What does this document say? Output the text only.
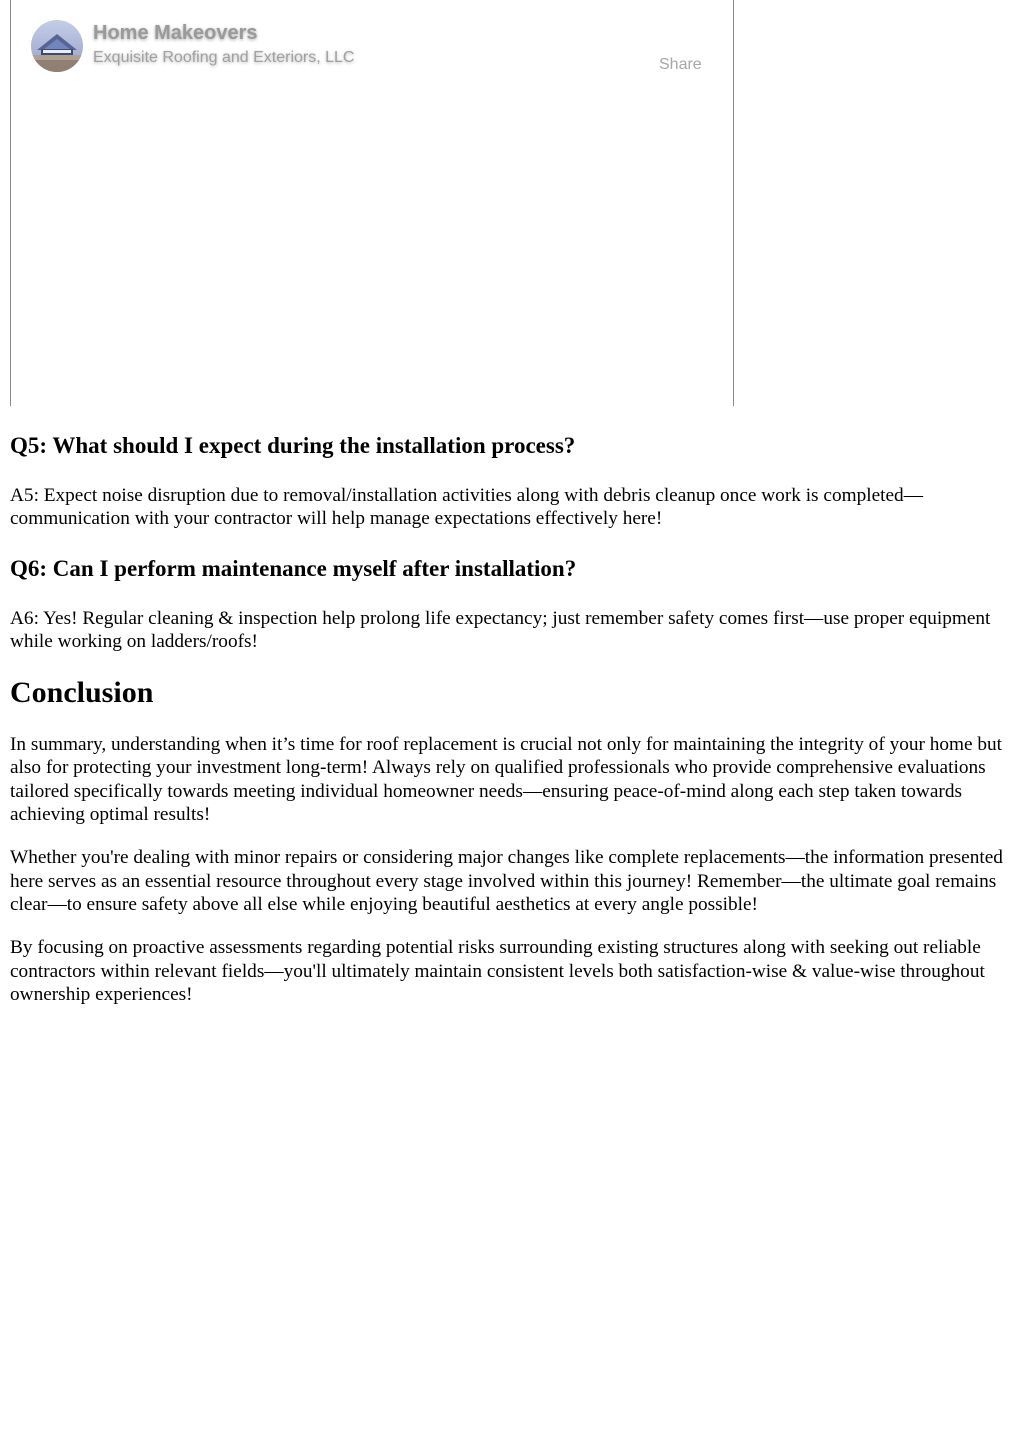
Home Makeovers
Exquisite Roofing and Exteriors, LLC	Share
Q5: What should I expect during the installation process?

A5: Expect noise disruption due to removal/installation activities along with debris cleanup once work is completed—communication with your contractor will help manage expectations effectively here!

Q6: Can I perform maintenance myself after installation?

A6: Yes! Regular cleaning & inspection help prolong life expectancy; just remember safety comes first—use proper equipment while working on ladders/roofs!

Conclusion

In summary, understanding when it’s time for roof replacement is crucial not only for maintaining the integrity of your home but also for protecting your investment long-term! Always rely on qualified professionals who provide comprehensive evaluations tailored specifically towards meeting individual homeowner needs—ensuring peace-of-mind along each step taken towards achieving optimal results!

Whether you're dealing with minor repairs or considering major changes like complete replacements—the information presented here serves as an essential resource throughout every stage involved within this journey! Remember—the ultimate goal remains clear—to ensure safety above all else while enjoying beautiful aesthetics at every angle possible!

By focusing on proactive assessments regarding potential risks surrounding existing structures along with seeking out reliable contractors within relevant fields—you'll ultimately maintain consistent levels both satisfaction-wise & value-wise throughout ownership experiences!
